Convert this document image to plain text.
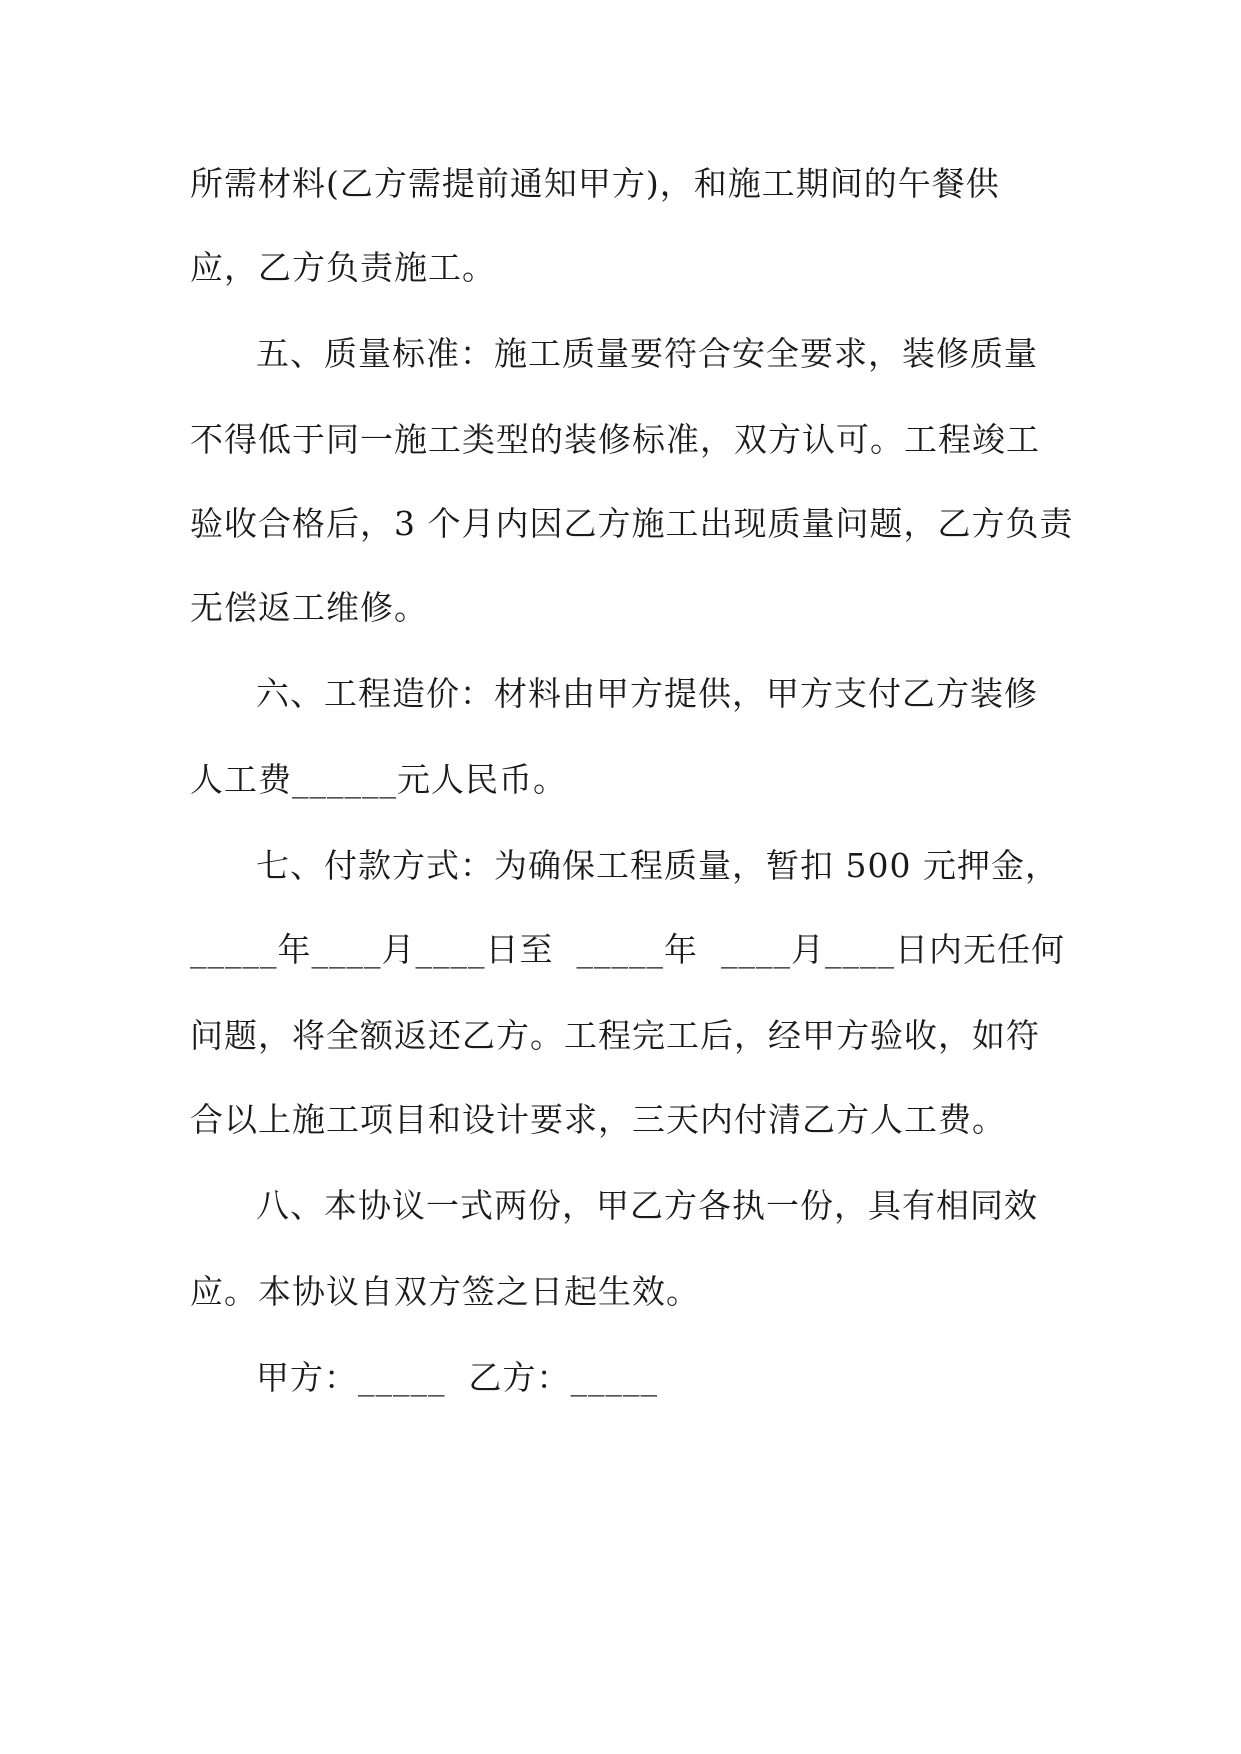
所需材料(乙方需提前通知甲方)，和施工期间的午餐供
应，乙方负责施工。
五、质量标准：施工质量要符合安全要求，装修质量
不得低于同一施工类型的装修标准，双方认可。工程竣工
验收合格后，3 个月内因乙方施工出现质量问题，乙方负责
无偿返工维修。
六、工程造价：材料由甲方提供，甲方支付乙方装修
人工费______元人民币。
七、付款方式：为确保工程质量，暂扣 500 元押金，
_____年____月____日至  _____年  ____月____日内无任何
问题，将全额返还乙方。工程完工后，经甲方验收，如符
合以上施工项目和设计要求，三天内付清乙方人工费。
八、本协议一式两份，甲乙方各执一份，具有相同效
应。本协议自双方签之日起生效。
甲方：_____  乙方：_____
